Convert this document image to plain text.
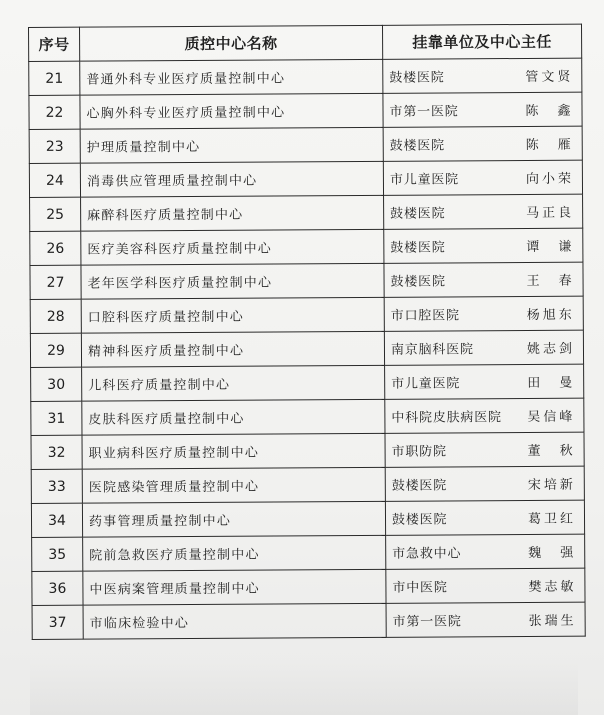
序号	质控中心名称	挂靠单位及中心主任
21	普通外科专业医疗质量控制中心	鼓楼医院 管文贤

22	心胸外科专业医疗质量控制中心	市第一医院 陈　鑫

23	护理质量控制中心	鼓楼医院 陈　雁

24	消毒供应管理质量控制中心	市儿童医院 向小荣

25	麻醉科医疗质量控制中心	鼓楼医院 马正良

26	医疗美容科医疗质量控制中心	鼓楼医院 谭　谦

27	老年医学科医疗质量控制中心	鼓楼医院 王　春

28	口腔科医疗质量控制中心	市口腔医院 杨旭东

29	精神科医疗质量控制中心	南京脑科医院 姚志剑

30	儿科医疗质量控制中心	市儿童医院 田　曼

31	皮肤科医疗质量控制中心	中科院皮肤病医院 吴信峰

32	职业病科医疗质量控制中心	市职防院 董　秋

33	医院感染管理质量控制中心	鼓楼医院 宋培新

34	药事管理质量控制中心	鼓楼医院 葛卫红

35	院前急救医疗质量控制中心	市急救中心 魏　强

36	中医病案管理质量控制中心	市中医院 樊志敏

37	市临床检验中心	市第一医院 张瑞生
